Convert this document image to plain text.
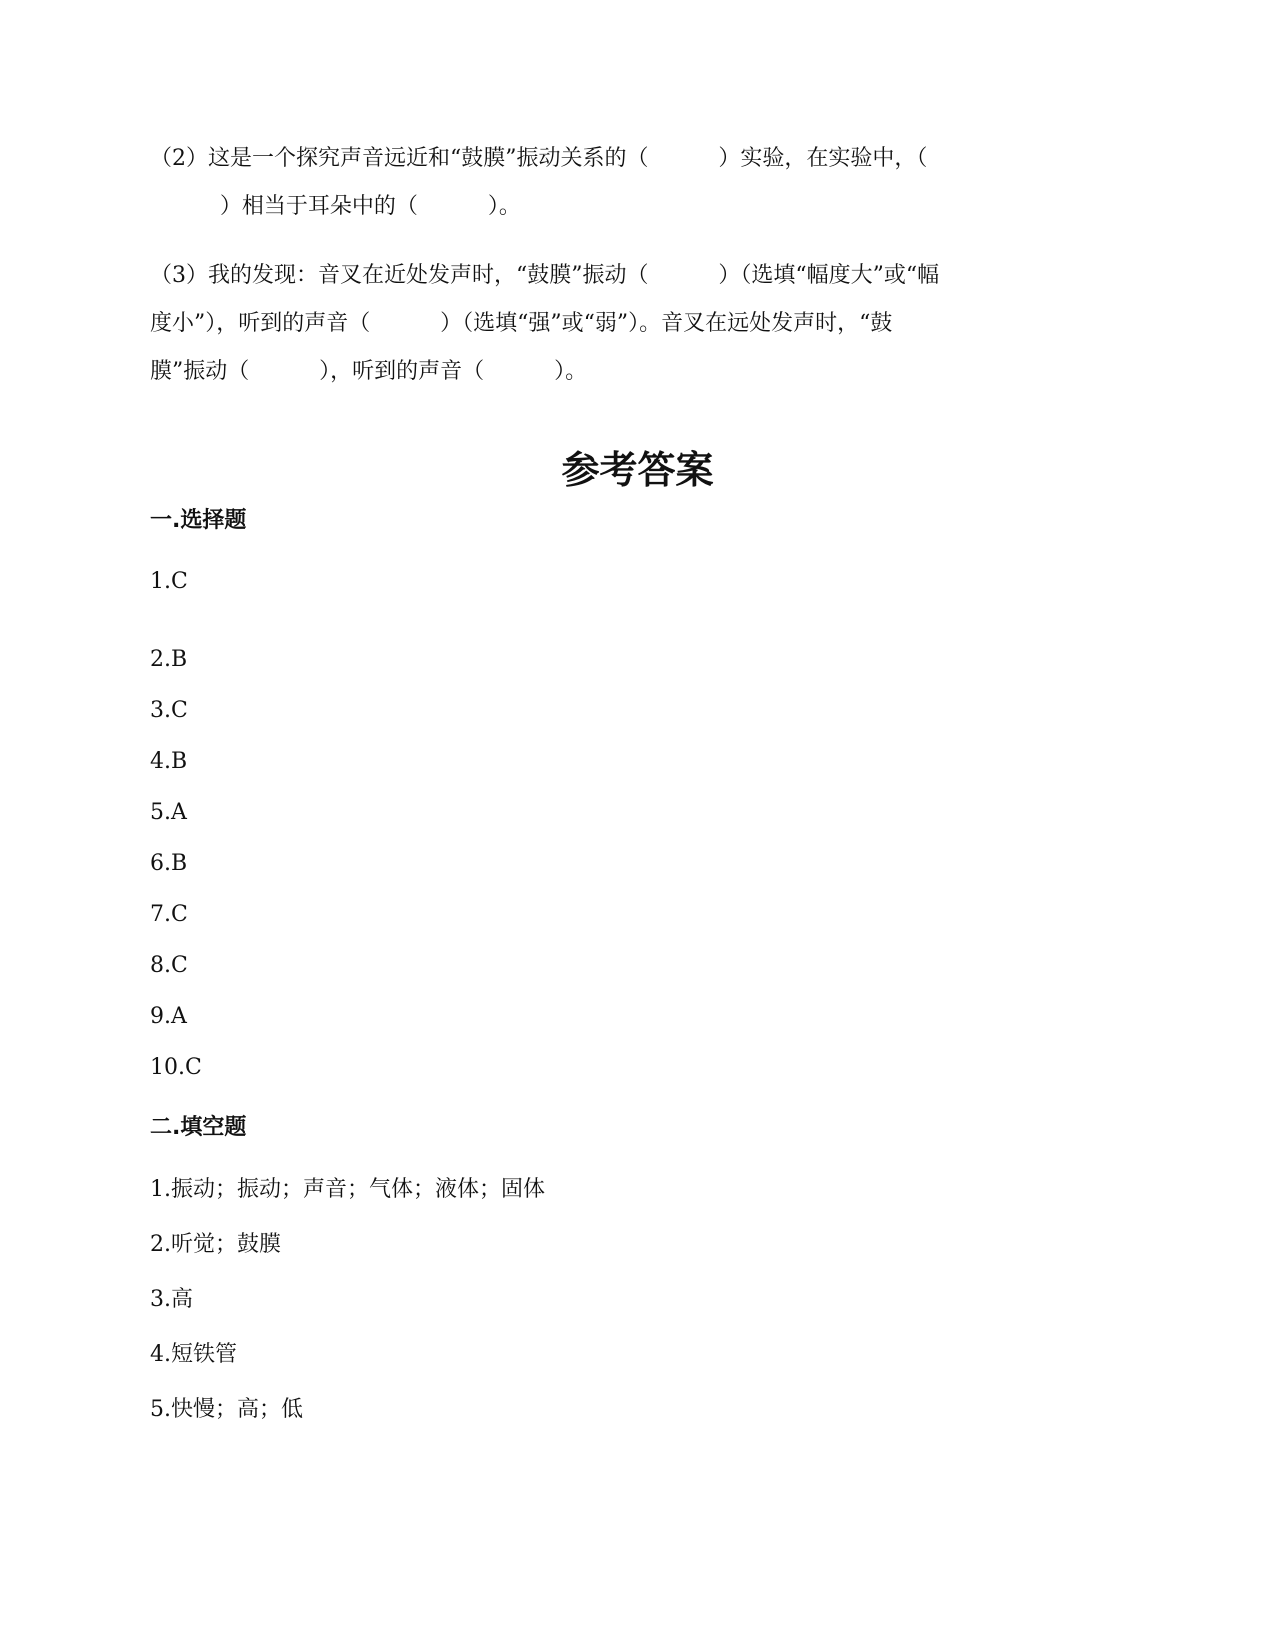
（2）这是一个探究声音远近和“鼓膜”振动关系的（          ）实验，在实验中，（
）相当于耳朵中的（          ）。
（3）我的发现：音叉在近处发声时，“鼓膜”振动（          ）（选填“幅度大”或“幅
度小”），听到的声音（          ）（选填“强”或“弱”）。音叉在远处发声时，“鼓
膜”振动（          ），听到的声音（          ）。
参考答案
一.选择题
1.C
2.B
3.C
4.B
5.A
6.B
7.C
8.C
9.A
10.C
二.填空题
1.振动；振动；声音；气体；液体；固体
2.听觉；鼓膜
3.高
4.短铁管
5.快慢；高；低
